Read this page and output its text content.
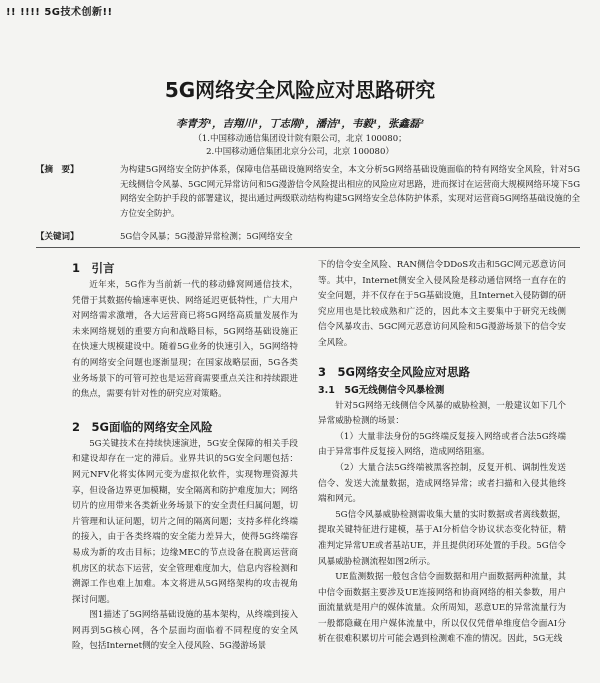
!! !!!! 5G技术创新!!
5G网络安全风险应对思路研究
李青芳¹，吉翔川¹，丁志刚¹，潘洁¹，韦毅¹，张鑫磊²
（1.中国移动通信集团设计院有限公司，北京 100080；
2.中国移动通信集团北京分公司，北京 100080）
【摘　要】	为构建5G网络安全防护体系，保障电信基础设施网络安全，本文分析5G网络基础设施面临的特有网络安全风险，针对5G无线侧信令风暴、5GC网元异常访问和5G漫游信令风险提出相应的风险应对思路，进而探讨在运营商大规模网络环境下5G网络安全防护手段的部署建议，提出通过两级联动结构构建5G网络安全总体防护体系，实现对运营商5G网络基础设施的全方位安全防护。
【关键词】	5G信令风暴；5G漫游异常检测；5G网络安全
1　引言

近年来，5G作为当前新一代的移动蜂窝网通信技术，凭借于其数据传输速率更快、网络延迟更低特性，广大用户对网络需求激增，各大运营商已将5G网络高质量发展作为未来网络规划的重要方向和战略目标，5G网络基础设施正在快速大规模建设中。随着5G业务的快速引入，5G网络特有的网络安全问题也逐渐显现；在国家战略层面，5G各类业务场景下的可管可控也是运营商需要重点关注和持续跟进的焦点，需要有针对性的研究应对策略。

2　5G面临的网络安全风险

5G关键技术在持续快速演进，5G安全保障的相关手段和建设却存在一定的滞后。业界共识的5G安全问题包括：网元NFV化将实体网元变为虚拟化软件，实现物理资源共享，但设备边界更加模糊，安全隔离和防护难度加大；网络切片的应用带来各类新业务场景下的安全责任归属问题，切片管理和认证问题，切片之间的隔离问题；支持多样化终端的接入，由于各类终端的安全能力差异大，使得5G终端容易成为新的攻击目标；边缘MEC的节点设备在脱离运营商机房区的状态下运营，安全管理难度加大，信息内容检测和溯源工作也难上加难。本文将进从5G网络架构的攻击视角探讨问题。

图1描述了5G网络基础设施的基本架构，从终端到接入网再到5G核心网，各个层面均面临着不同程度的安全风险，包括Internet侧的安全入侵风险、5G漫游场景

下的信令安全风险、RAN侧信令DDoS攻击和5GC网元恶意访问等。其中，Internet侧安全入侵风险是移动通信网络一直存在的安全问题，并不仅存在于5G基础设施，且Internet入侵防御的研究应用也是比较成熟和广泛的，因此本文主要集中于研究无线侧信令风暴攻击、5GC网元恶意访问风险和5G漫游场景下的信令安全风险。

3　5G网络安全风险应对思路
3.1　5G无线侧信令风暴检测

针对5G网络无线侧信令风暴的威胁检测，一般建议如下几个异常威胁检测的场景：

（1）大量非法身份的5G终端反复接入网络或者合法5G终端由于异常事件反复接入网络，造成网络阻塞。

（2）大量合法5G终端被黑客控制，反复开机、调制性发送信令、发送大流量数据，造成网络异常；或者扫描和入侵其他终端和网元。

5G信令风暴威胁检测需收集大量的实时数据或者离线数据，提取关键特征进行建模，基于AI分析信令协议状态变化特征，精准判定异常UE或者基站UE，并且提供闭环处置的手段。5G信令风暴威胁检测流程如图2所示。

UE监测数据一般包含信令面数据和用户面数据两种流量，其中信令面数据主要涉及UE连接网络和协商网络的相关参数，用户面流量就是用户的媒体流量。众所周知，恶意UE的异常流量行为一般都隐藏在用户媒体流量中，所以仅仅凭借单维度信令面AI分析在很难积累切片可能会遇到检测难不准的情况。因此，5G无线
